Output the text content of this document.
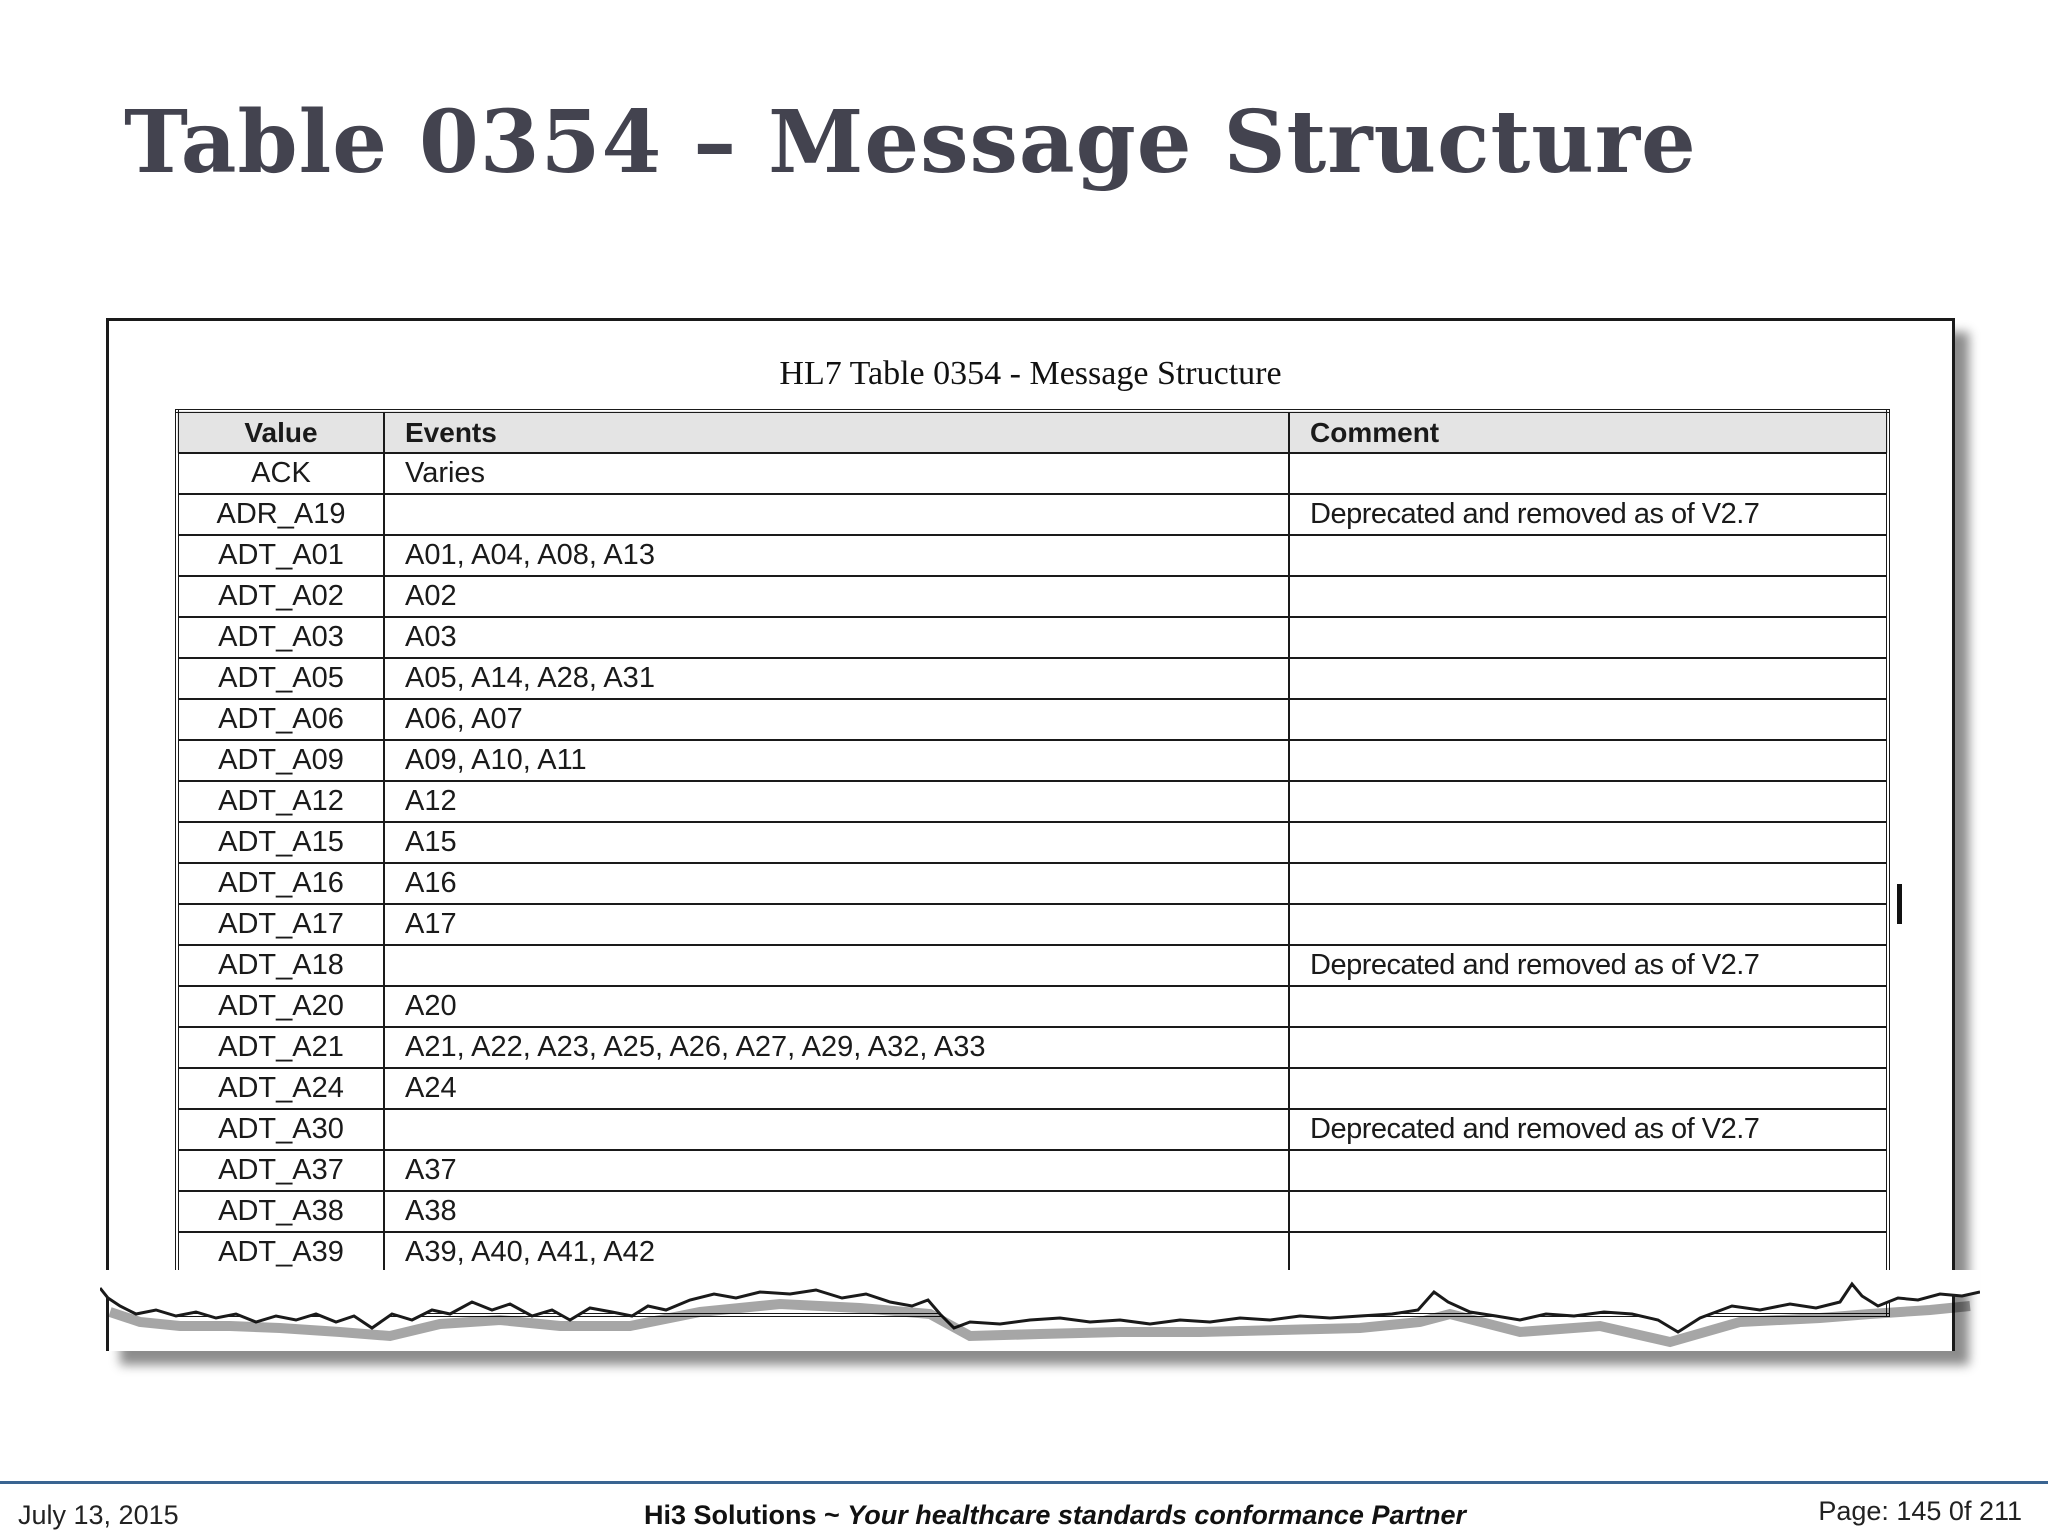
Table 0354 – Message Structure
HL7 Table 0354 - Message Structure
Value	Events	Comment
ACK	Varies	
ADR_A19		Deprecated and removed as of V2.7
ADT_A01	A01, A04, A08, A13	
ADT_A02	A02	
ADT_A03	A03	
ADT_A05	A05, A14, A28, A31	
ADT_A06	A06, A07	
ADT_A09	A09, A10, A11	
ADT_A12	A12	
ADT_A15	A15	
ADT_A16	A16	
ADT_A17	A17	
ADT_A18		Deprecated and removed as of V2.7
ADT_A20	A20	
ADT_A21	A21, A22, A23, A25, A26, A27, A29, A32, A33	
ADT_A24	A24	
ADT_A30		Deprecated and removed as of V2.7
ADT_A37	A37	
ADT_A38	A38	
ADT_A39	A39, A40, A41, A42	

July 13, 2015	Hi3 Solutions ~ Your healthcare standards conformance Partner	Page: 145 0f 211
